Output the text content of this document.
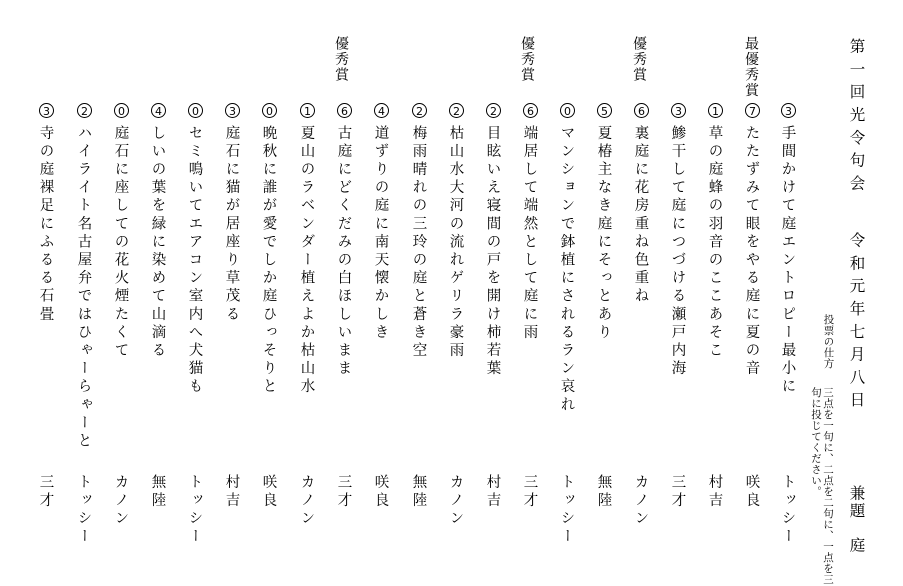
第一回光令句会
令和元年七月八日
兼題庭
投票の仕方
三点を一句に、二点を二句に、一点を三句に投じてください。
最優秀賞
優秀賞
優秀賞
優秀賞
3
手間かけて庭エントロピー最小に
トッシー
7
たたずみて眼をやる庭に夏の音
咲良
1
草の庭蜂の羽音のここあそこ
村吉
3
鯵干して庭につづける瀬戸内海
三才
6
裏庭に花房重ね色重ね
カノン
5
夏椿主なき庭にそっとあり
無陸
0
マンションで鉢植にされるラン哀れ
トッシー
6
端居して端然として庭に雨
三才
2
目眩いえ寝間の戸を開け柿若葉
村吉
2
枯山水大河の流れゲリラ豪雨
カノン
2
梅雨晴れの三玲の庭と蒼き空
無陸
4
道ずりの庭に南天懐かしき
咲良
6
古庭にどくだみの白ほしいまま
三才
1
夏山のラベンダー植えよか枯山水
カノン
0
晩秋に誰が愛でしか庭ひっそりと
咲良
3
庭石に猫が居座り草茂る
村吉
0
セミ鳴いてエアコン室内へ犬猫も
トッシー
4
しいの葉を緑に染めて山滴る
無陸
0
庭石に座しての花火煙たくて
カノン
2
ハイライト名古屋弁ではひゃーらゃーと
トッシー
3
寺の庭裸足にふるる石畳
三才
